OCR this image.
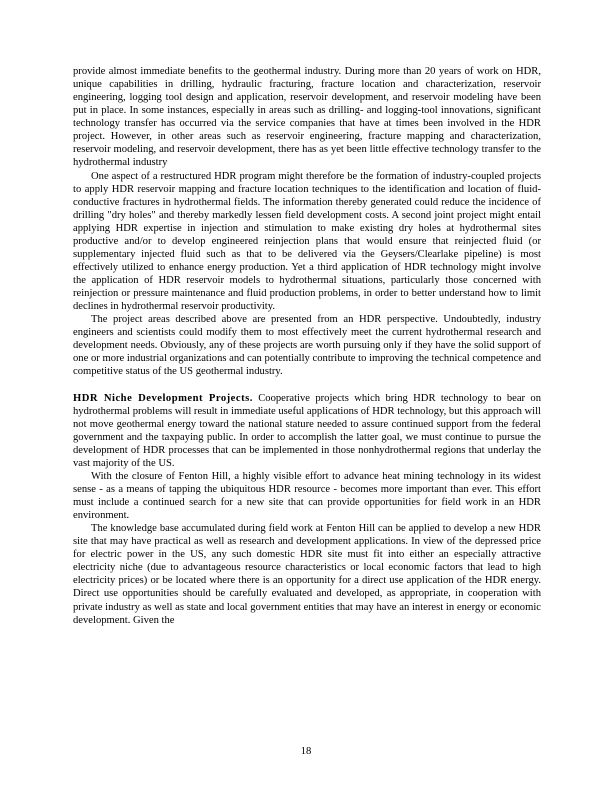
provide almost immediate benefits to the geothermal industry. During more than 20 years of work on HDR, unique capabilities in drilling, hydraulic fracturing, fracture location and characterization, reservoir engineering, logging tool design and application, reservoir development, and reservoir modeling have been put in place. In some instances, especially in areas such as drilling- and logging-tool innovations, significant technology transfer has occurred via the service companies that have at times been involved in the HDR project. However, in other areas such as reservoir engineering, fracture mapping and characterization, reservoir modeling, and reservoir development, there has as yet been little effective technology transfer to the hydrothermal industry

One aspect of a restructured HDR program might therefore be the formation of industry-coupled projects to apply HDR reservoir mapping and fracture location techniques to the identification and location of fluid-conductive fractures in hydrothermal fields. The information thereby generated could reduce the incidence of drilling "dry holes" and thereby markedly lessen field development costs. A second joint project might entail applying HDR expertise in injection and stimulation to make existing dry holes at hydrothermal sites productive and/or to develop engineered reinjection plans that would ensure that reinjected fluid (or supplementary injected fluid such as that to be delivered via the Geysers/Clearlake pipeline) is most effectively utilized to enhance energy production. Yet a third application of HDR technology might involve the application of HDR reservoir models to hydrothermal situations, particularly those concerned with reinjection or pressure maintenance and fluid production problems, in order to better understand how to limit declines in hydrothermal reservoir productivity.

The project areas described above are presented from an HDR perspective. Undoubtedly, industry engineers and scientists could modify them to most effectively meet the current hydrothermal research and development needs. Obviously, any of these projects are worth pursuing only if they have the solid support of one or more industrial organizations and can potentially contribute to improving the technical competence and competitive status of the US geothermal industry.

HDR Niche Development Projects. Cooperative projects which bring HDR technology to bear on hydrothermal problems will result in immediate useful applications of HDR technology, but this approach will not move geothermal energy toward the national stature needed to assure continued support from the federal government and the taxpaying public. In order to accomplish the latter goal, we must continue to pursue the development of HDR processes that can be implemented in those nonhydrothermal regions that underlay the vast majority of the US.

With the closure of Fenton Hill, a highly visible effort to advance heat mining technology in its widest sense - as a means of tapping the ubiquitous HDR resource - becomes more important than ever. This effort must include a continued search for a new site that can provide opportunities for field work in an HDR environment.

The knowledge base accumulated during field work at Fenton Hill can be applied to develop a new HDR site that may have practical as well as research and development applications. In view of the depressed price for electric power in the US, any such domestic HDR site must fit into either an especially attractive electricity niche (due to advantageous resource characteristics or local economic factors that lead to high electricity prices) or be located where there is an opportunity for a direct use application of the HDR energy. Direct use opportunities should be carefully evaluated and developed, as appropriate, in cooperation with private industry as well as state and local government entities that may have an interest in energy or economic development. Given the

18
